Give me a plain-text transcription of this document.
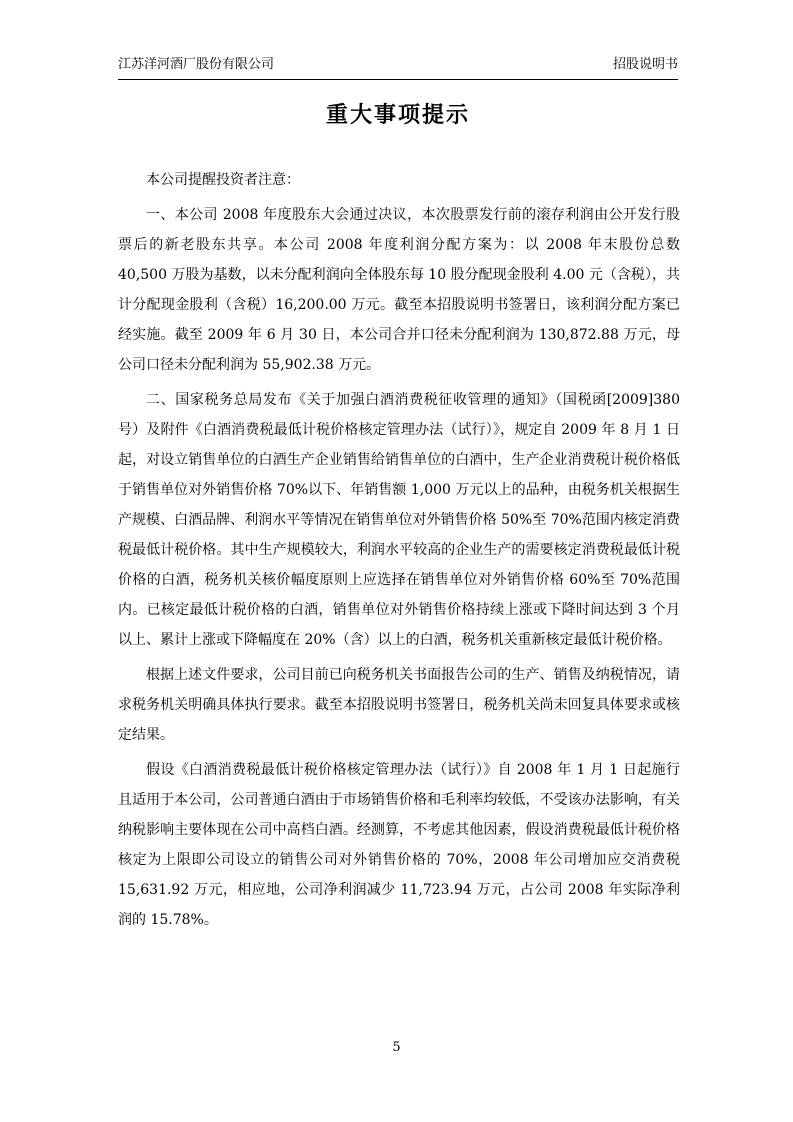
江苏洋河酒厂股份有限公司	招股说明书
重大事项提示

本公司提醒投资者注意：

一、本公司 2008 年度股东大会通过决议，本次股票发行前的滚存利润由公开发行股票后的新老股东共享。本公司 2008 年度利润分配方案为：以 2008 年末股份总数 40,500 万股为基数，以未分配利润向全体股东每 10 股分配现金股利 4.00 元（含税），共计分配现金股利（含税）16,200.00 万元。截至本招股说明书签署日，该利润分配方案已经实施。截至 2009 年 6 月 30 日，本公司合并口径未分配利润为 130,872.88 万元，母公司口径未分配利润为 55,902.38 万元。

二、国家税务总局发布《关于加强白酒消费税征收管理的通知》（国税函[2009]380 号）及附件《白酒消费税最低计税价格核定管理办法（试行）》，规定自 2009 年 8 月 1 日起，对设立销售单位的白酒生产企业销售给销售单位的白酒中，生产企业消费税计税价格低于销售单位对外销售价格 70%以下、年销售额 1,000 万元以上的品种，由税务机关根据生产规模、白酒品牌、利润水平等情况在销售单位对外销售价格 50%至 70%范围内核定消费税最低计税价格。其中生产规模较大，利润水平较高的企业生产的需要核定消费税最低计税价格的白酒，税务机关核价幅度原则上应选择在销售单位对外销售价格 60%至 70%范围内。已核定最低计税价格的白酒，销售单位对外销售价格持续上涨或下降时间达到 3 个月以上、累计上涨或下降幅度在 20%（含）以上的白酒，税务机关重新核定最低计税价格。

根据上述文件要求，公司目前已向税务机关书面报告公司的生产、销售及纳税情况，请求税务机关明确具体执行要求。截至本招股说明书签署日，税务机关尚未回复具体要求或核定结果。

假设《白酒消费税最低计税价格核定管理办法（试行）》自 2008 年 1 月 1 日起施行且适用于本公司，公司普通白酒由于市场销售价格和毛利率均较低，不受该办法影响，有关纳税影响主要体现在公司中高档白酒。经测算，不考虑其他因素，假设消费税最低计税价格核定为上限即公司设立的销售公司对外销售价格的 70%，2008 年公司增加应交消费税 15,631.92 万元，相应地，公司净利润减少 11,723.94 万元，占公司 2008 年实际净利润的 15.78%。

5
